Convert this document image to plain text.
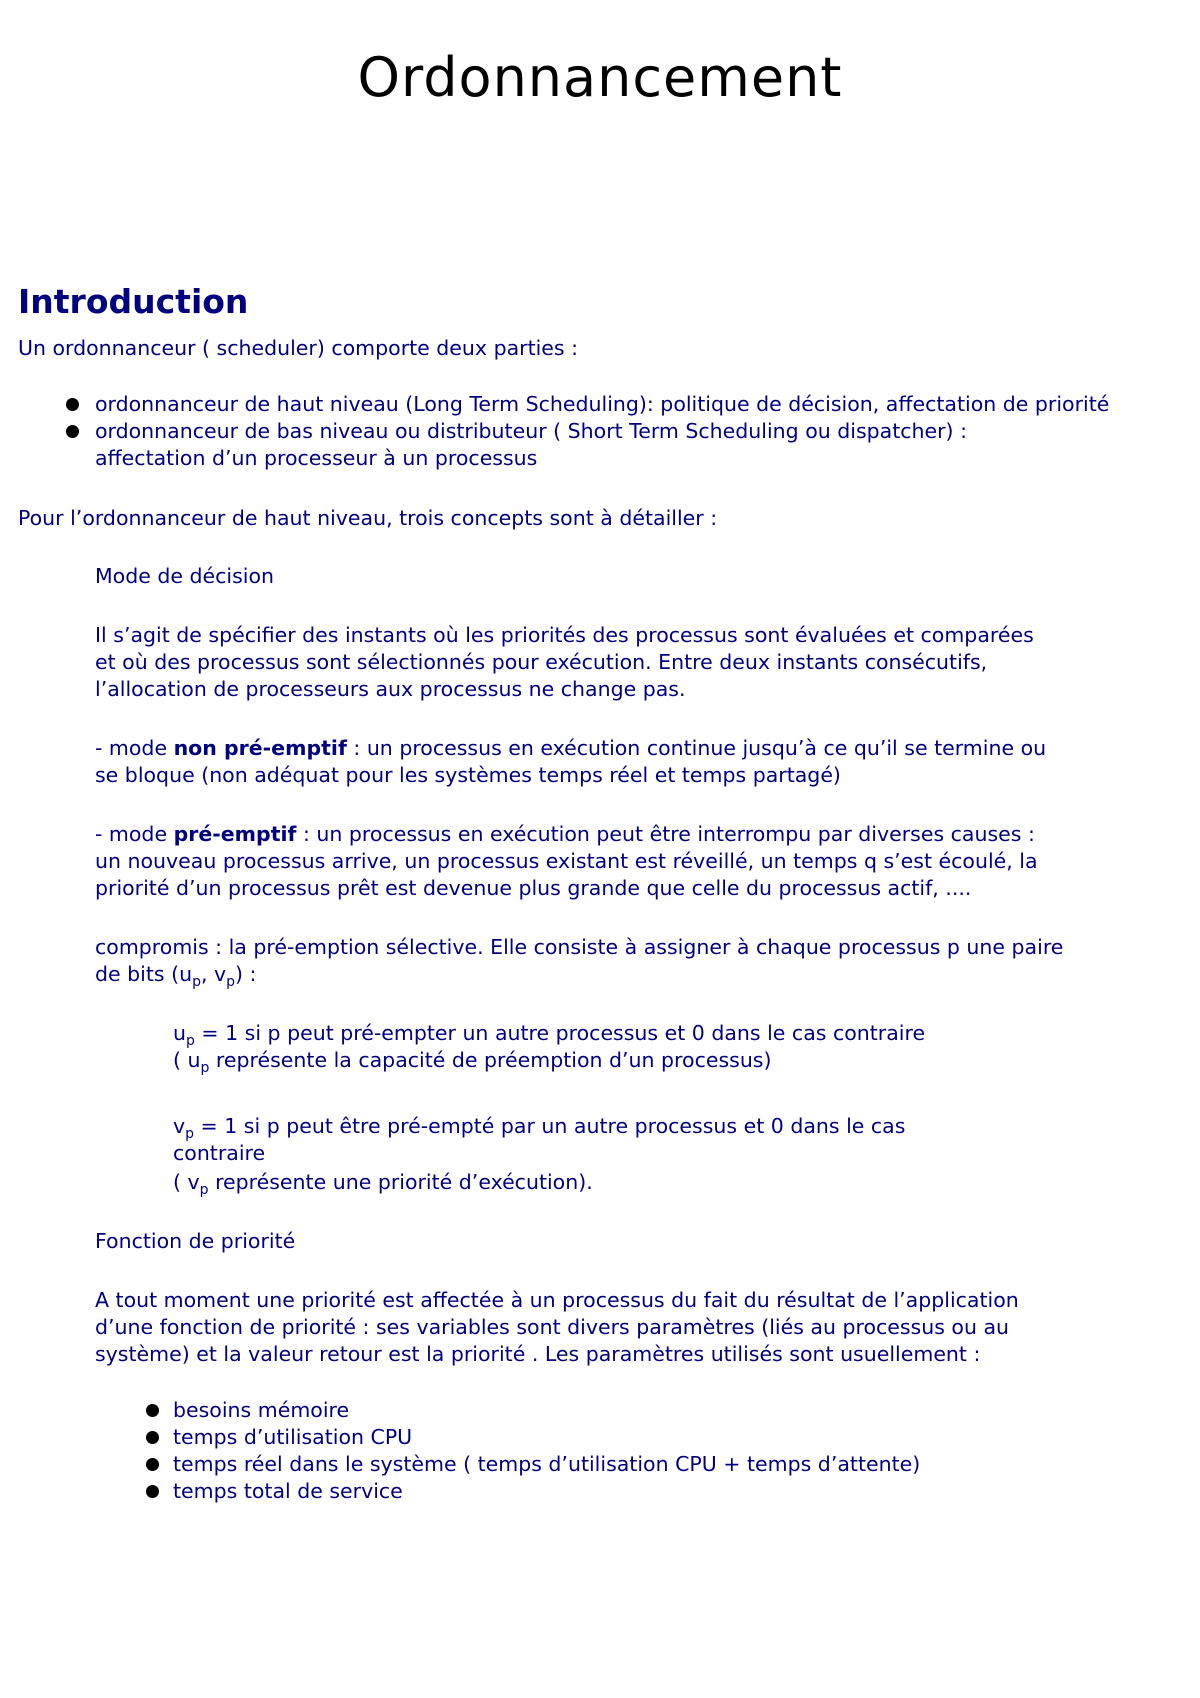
Ordonnancement
Introduction
Un ordonnanceur ( scheduler) comporte deux parties :
ordonnanceur de haut niveau (Long Term Scheduling): politique de décision, affectation de priorité
ordonnanceur de bas niveau ou distributeur ( Short Term Scheduling ou dispatcher) :
affectation d’un processeur à un processus
Pour l’ordonnanceur de haut niveau, trois concepts sont à détailler :
Mode de décision
Il s’agit de spécifier des instants où les priorités des processus sont évaluées et comparées
et où des processus sont sélectionnés pour exécution. Entre deux instants consécutifs,
l’allocation de processeurs aux processus ne change pas.
- mode non pré-emptif : un processus en exécution continue jusqu’à ce qu’il se termine ou
se bloque (non adéquat pour les systèmes temps réel et temps partagé)
- mode pré-emptif : un processus en exécution peut être interrompu par diverses causes :
un nouveau processus arrive, un processus existant est réveillé, un temps q s’est écoulé, la
priorité d’un processus prêt est devenue plus grande que celle du processus actif, ....
compromis : la pré-emption sélective. Elle consiste à assigner à chaque processus p une paire
de bits ($u_p$, $v_p$) :
$u_p = 1$ si p peut pré-empter un autre processus et 0 dans le cas contraire
( $u_p$ représente la capacité de préemption d’un processus)
$v_p = 1$ si p peut être pré-empté par un autre processus et 0 dans le cas
contraire
( $v_p$ représente une priorité d’exécution).
Fonction de priorité
A tout moment une priorité est affectée à un processus du fait du résultat de l’application
d’une fonction de priorité : ses variables sont divers paramètres (liés au processus ou au
système) et la valeur retour est la priorité . Les paramètres utilisés sont usuellement :
besoins mémoire
temps d’utilisation CPU
temps réel dans le système ( temps d’utilisation CPU + temps d’attente)
temps total de service
